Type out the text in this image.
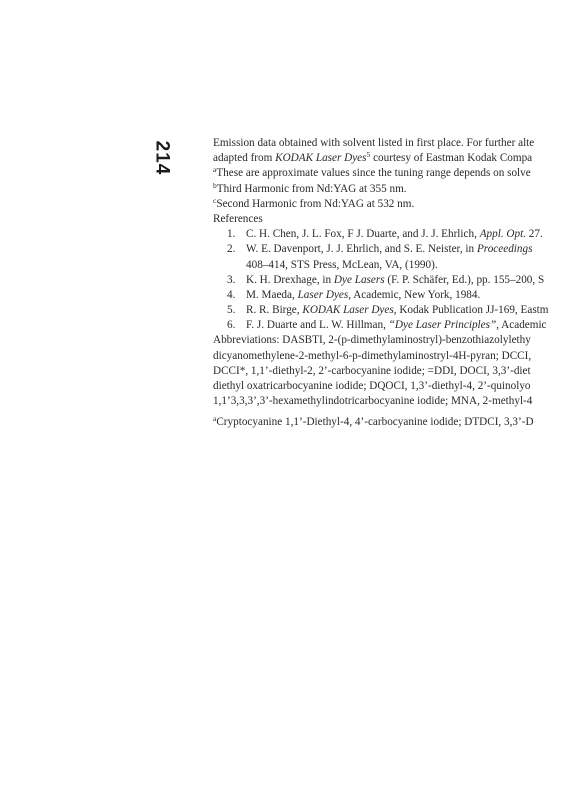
214	Emission data obtained with solvent listed in first place. For further alte
adapted from KODAK Laser Dyes$^5$ courtesy of Eastman Kodak Compa
$^a$These are approximate values since the tuning range depends on solve
$^b$Third Harmonic from Nd:YAG at 355 nm.
$^c$Second Harmonic from Nd:YAG at 532 nm.
References
1. C. H. Chen, J. L. Fox, F J. Duarte, and J. J. Ehrlich, Appl. Opt. 27.
2. W. E. Davenport, J. J. Ehrlich, and S. E. Neister, in Proceedings
408–414, STS Press, McLean, VA, (1990).
3. K. H. Drexhage, in Dye Lasers (F. P. Schäfer, Ed.), pp. 155–200, S
4. M. Maeda, Laser Dyes, Academic, New York, 1984.
5. R. R. Birge, KODAK Laser Dyes, Kodak Publication JJ-169, Eastm
6. F. J. Duarte and L. W. Hillman, “Dye Laser Principles”, Academic
Abbreviations: DASBTI, 2-(p-dimethylaminostryl)-benzothiazolylethy
dicyanomethylene-2-methyl-6-p-dimethylaminostryl-4H-pyran; DCCI,
DCCI*, 1,1’-diethyl-2, 2’-carbocyanine iodide; =DDI, DOCI, 3,3’-diet
diethyl oxatricarbocyanine iodide; DQOCI, 1,3’-diethyl-4, 2’-quinolyo
1,1’3,3,3’,3’-hexamethylindotricarbocyanine iodide; MNA, 2-methyl-4
$^a$Cryptocyanine 1,1’-Diethyl-4, 4’-carbocyanine iodide; DTDCI, 3,3’-D
